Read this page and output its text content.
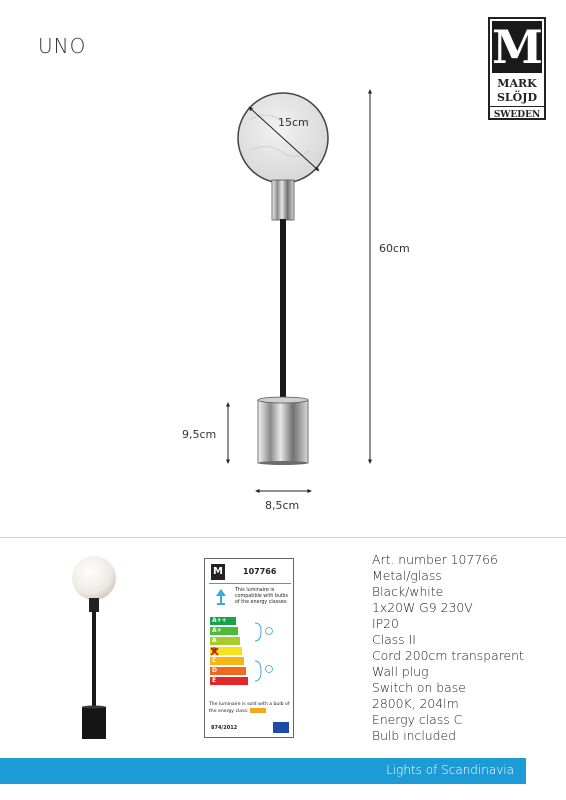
UNO	M
MARK
SLÖJD
SWEDEN
15cm
60cm
9,5cm
8,5cm
M	107766
This luminaire is compatible with bulbs of the energy classes:
A++
A+
A
C
D
E
The luminaire is sold with a bulb of the energy class:
874/2012
Art. number 107766
Metal/glass
Black/white
1x20W G9 230V
IP20
Class II
Cord 200cm transparent
Wall plug
Switch on base
2800K, 204lm
Energy class C
Bulb included
Lights of Scandinavia
